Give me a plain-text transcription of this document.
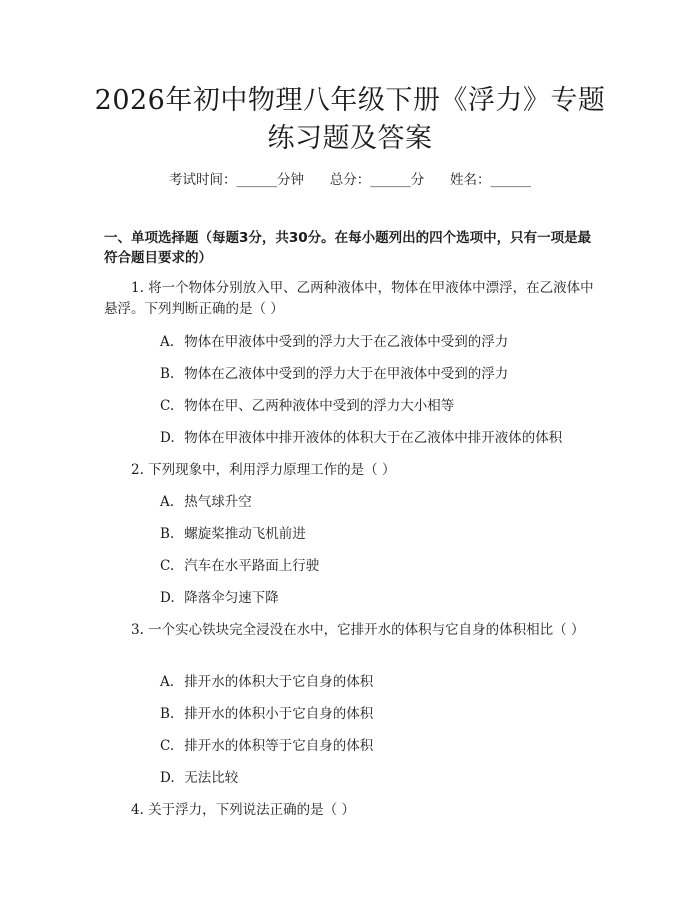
2026年初中物理八年级下册《浮力》专题练习题及答案
考试时间：______分钟      总分：______分      姓名：______
一、单项选择题（每题3分，共30分。在每小题列出的四个选项中，只有一项是最符合题目要求的）
1. 将一个物体分别放入甲、乙两种液体中，物体在甲液体中漂浮，在乙液体中悬浮。下列判断正确的是（ ）
A. 物体在甲液体中受到的浮力大于在乙液体中受到的浮力
B. 物体在乙液体中受到的浮力大于在甲液体中受到的浮力
C. 物体在甲、乙两种液体中受到的浮力大小相等
D. 物体在甲液体中排开液体的体积大于在乙液体中排开液体的体积
2. 下列现象中，利用浮力原理工作的是（ ）
A. 热气球升空
B. 螺旋桨推动飞机前进
C. 汽车在水平路面上行驶
D. 降落伞匀速下降
3. 一个实心铁块完全浸没在水中，它排开水的体积与它自身的体积相比（ ）
A. 排开水的体积大于它自身的体积
B. 排开水的体积小于它自身的体积
C. 排开水的体积等于它自身的体积
D. 无法比较
4. 关于浮力，下列说法正确的是（ ）
